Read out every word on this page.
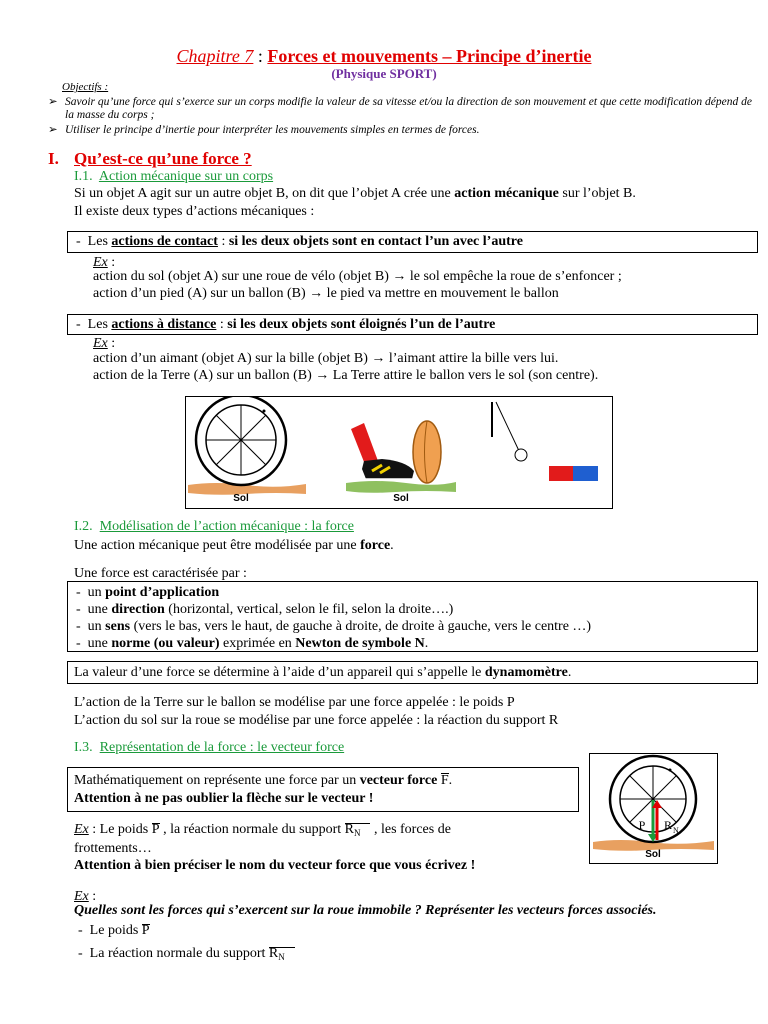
Chapitre 7 : Forces et mouvements – Principe d’inertie
(Physique SPORT)
Objectifs :
➢ Savoir qu’une force qui s’exerce sur un corps modifie la valeur de sa vitesse et/ou la direction de son mouvement et que cette modification dépend de la masse du corps ;
➢ Utiliser le principe d’inertie pour interpréter les mouvements simples en termes de forces.
I. Qu’est-ce qu’une force ?
I.1. Action mécanique sur un corps
Si un objet A agit sur un autre objet B, on dit que l’objet A crée une action mécanique sur l’objet B.
Il existe deux types d’actions mécaniques :
- Les actions de contact : si les deux objets sont en contact l’un avec l’autre
Ex :
action du sol (objet A) sur une roue de vélo (objet B) → le sol empêche la roue de s’enfoncer ;
action d’un pied (A) sur un ballon (B) → le pied va mettre en mouvement le ballon
- Les actions à distance : si les deux objets sont éloignés l’un de l’autre
Ex :
action d’un aimant (objet A) sur la bille (objet B) → l’aimant attire la bille vers lui.
action de la Terre (A) sur un ballon (B) → La Terre attire le ballon vers le sol (son centre).
Sol	Sol
I.2. Modélisation de l’action mécanique : la force
Une action mécanique peut être modélisée par une force.
Une force est caractérisée par :
-  un point d’application
-  une direction (horizontal, vertical, selon le fil, selon la droite….)
-  un sens (vers le bas, vers le haut, de gauche à droite, de droite à gauche, vers le centre …)
-  une norme (ou valeur) exprimée en Newton de symbole N.
La valeur d’une force se détermine à l’aide d’un appareil qui s’appelle le dynamomètre.
L’action de la Terre sur le ballon se modélise par une force appelée : le poids P
L’action du sol sur la roue se modélise par une force appelée : la réaction du support R
I.3. Représentation de la force : le vecteur force
Mathématiquement on représente une force par un vecteur force F.
Attention à ne pas oublier la flèche sur le vecteur !
Ex : Le poids P , la réaction normale du support $R_N$ , les forces de
frottements…
Attention à bien préciser le nom du vecteur force que vous écrivez !
Ex :
Quelles sont les forces qui s’exercent sur la roue immobile ? Représenter les vecteurs forces associés.
- Le poids P
- La réaction normale du support $R_N$
P R N
Sol
